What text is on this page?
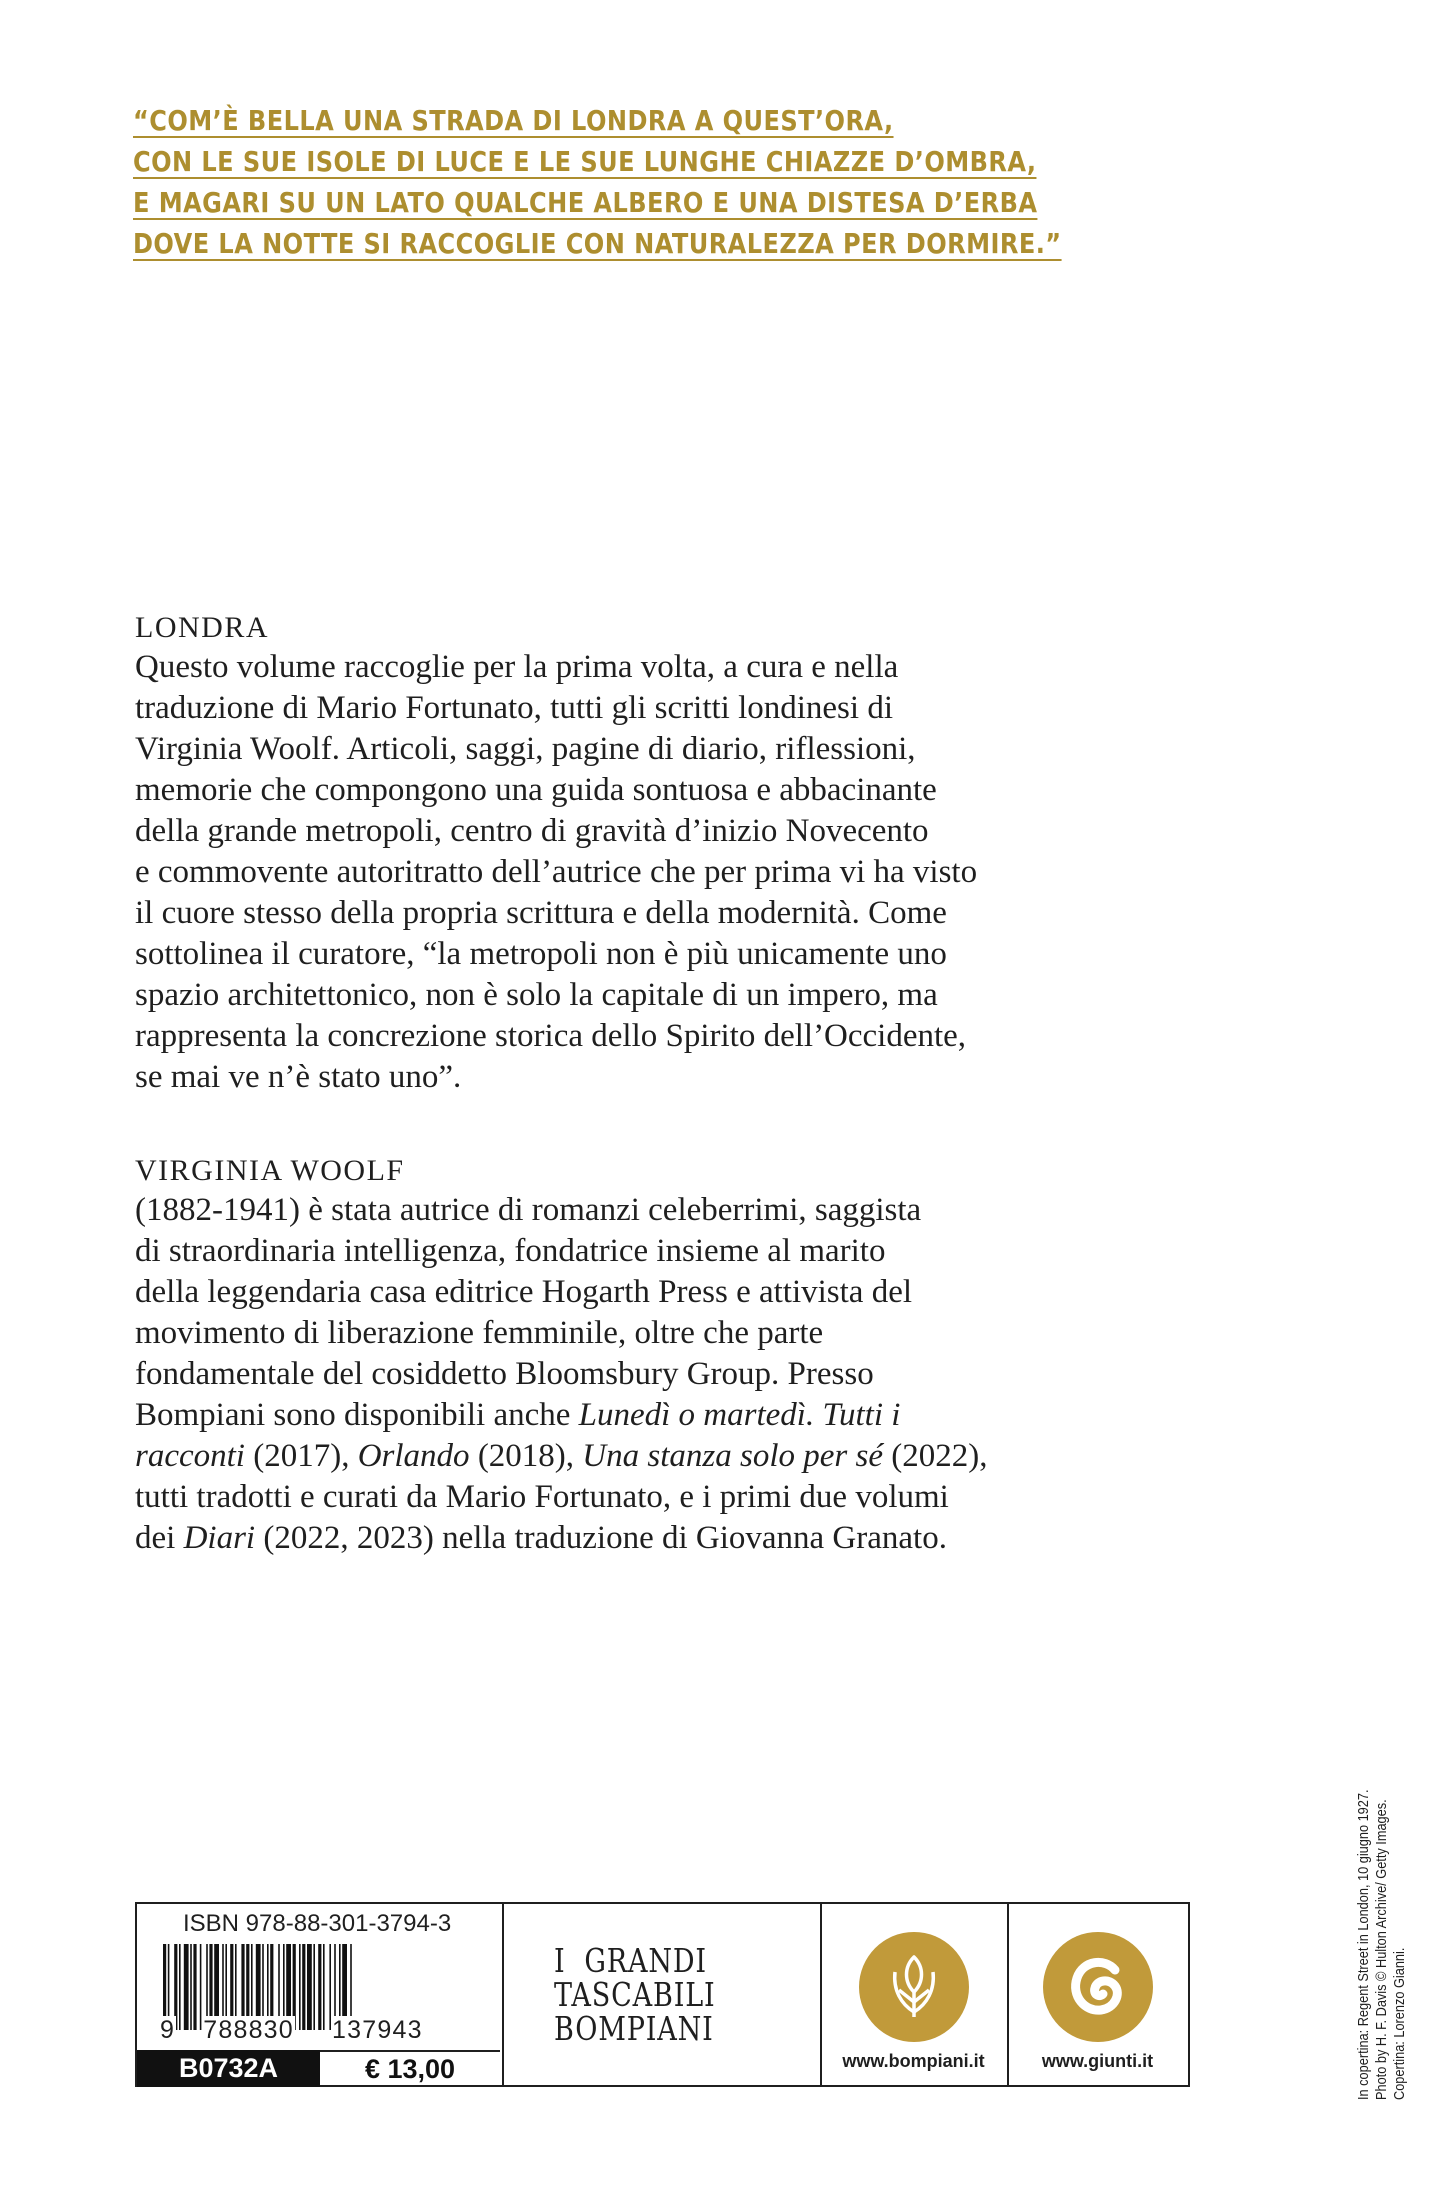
“COM’È BELLA UNA STRADA DI LONDRA A QUEST’ORA,
CON LE SUE ISOLE DI LUCE E LE SUE LUNGHE CHIAZZE D’OMBRA,
E MAGARI SU UN LATO QUALCHE ALBERO E UNA DISTESA D’ERBA
DOVE LA NOTTE SI RACCOGLIE CON NATURALEZZA PER DORMIRE.”
LONDRA
Questo volume raccoglie per la prima volta, a cura e nella
traduzione di Mario Fortunato, tutti gli scritti londinesi di
Virginia Woolf. Articoli, saggi, pagine di diario, riflessioni,
memorie che compongono una guida sontuosa e abbacinante
della grande metropoli, centro di gravità d’inizio Novecento
e commovente autoritratto dell’autrice che per prima vi ha visto
il cuore stesso della propria scrittura e della modernità. Come
sottolinea il curatore, “la metropoli non è più unicamente uno
spazio architettonico, non è solo la capitale di un impero, ma
rappresenta la concrezione storica dello Spirito dell’Occidente,
se mai ve n’è stato uno”.
VIRGINIA WOOLF
(1882-1941) è stata autrice di romanzi celeberrimi, saggista
di straordinaria intelligenza, fondatrice insieme al marito
della leggendaria casa editrice Hogarth Press e attivista del
movimento di liberazione femminile, oltre che parte
fondamentale del cosiddetto Bloomsbury Group. Presso
Bompiani sono disponibili anche Lunedì o martedì. Tutti i
racconti (2017), Orlando (2018), Una stanza solo per sé (2022),
tutti tradotti e curati da Mario Fortunato, e i primi due volumi
dei Diari (2022, 2023) nella traduzione di Giovanna Granato.
ISBN 978-88-301-3794-3
9 788830 137943
B0732A	€ 13,00
I  GRANDI
TASCABILI
BOMPIANI
www.bompiani.it	www.giunti.it	In copertina: Regent Street in London, 10 giugno 1927. Photo by H. F. Davis © Hulton Archive/ Getty Images. Copertina: Lorenzo Gianni.
